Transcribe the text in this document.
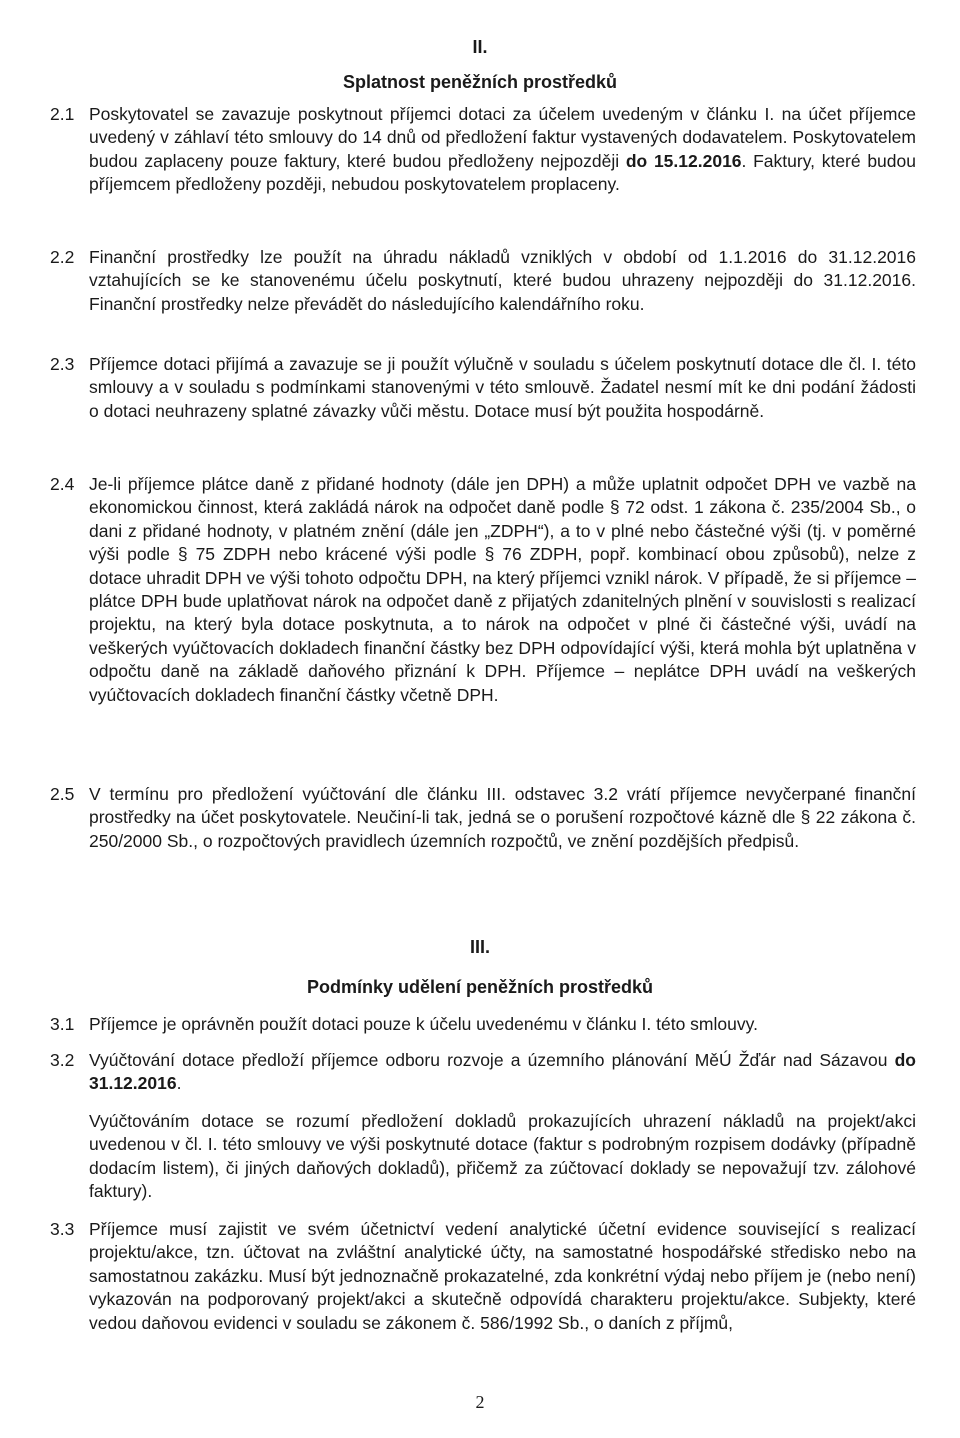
II.
Splatnost peněžních prostředků
2.1 Poskytovatel se zavazuje poskytnout příjemci dotaci za účelem uvedeným v článku I. na účet příjemce uvedený v záhlaví této smlouvy do 14 dnů od předložení faktur vystavených dodavatelem. Poskytovatelem budou zaplaceny pouze faktury, které budou předloženy nejpozději do 15.12.2016. Faktury, které budou příjemcem předloženy později, nebudou poskytovatelem proplaceny.

2.2 Finanční prostředky lze použít na úhradu nákladů vzniklých v období od 1.1.2016 do 31.12.2016 vztahujících se ke stanovenému účelu poskytnutí, které budou uhrazeny nejpozději do 31.12.2016. Finanční prostředky nelze převádět do následujícího kalendářního roku.

2.3 Příjemce dotaci přijímá a zavazuje se ji použít výlučně v souladu s účelem poskytnutí dotace dle čl. I. této smlouvy a v souladu s podmínkami stanovenými v této smlouvě. Žadatel nesmí mít ke dni podání žádosti o dotaci neuhrazeny splatné závazky vůči městu. Dotace musí být použita hospodárně.

2.4 Je-li příjemce plátce daně z přidané hodnoty (dále jen DPH) a může uplatnit odpočet DPH ve vazbě na ekonomickou činnost, která zakládá nárok na odpočet daně podle § 72 odst. 1 zákona č. 235/2004 Sb., o dani z přidané hodnoty, v platném znění (dále jen „ZDPH“), a to v plné nebo částečné výši (tj. v poměrné výši podle § 75 ZDPH nebo krácené výši podle § 76 ZDPH, popř. kombinací obou způsobů), nelze z dotace uhradit DPH ve výši tohoto odpočtu DPH, na který příjemci vznikl nárok. V případě, že si příjemce – plátce DPH bude uplatňovat nárok na odpočet daně z přijatých zdanitelných plnění v souvislosti s realizací projektu, na který byla dotace poskytnuta, a to nárok na odpočet v plné či částečné výši, uvádí na veškerých vyúčtovacích dokladech finanční částky bez DPH odpovídající výši, která mohla být uplatněna v odpočtu daně na základě daňového přiznání k DPH. Příjemce – neplátce DPH uvádí na veškerých vyúčtovacích dokladech finanční částky včetně DPH.

2.5 V termínu pro předložení vyúčtování dle článku III. odstavec 3.2 vrátí příjemce nevyčerpané finanční prostředky na účet poskytovatele. Neučiní-li tak, jedná se o porušení rozpočtové kázně dle § 22 zákona č. 250/2000 Sb., o rozpočtových pravidlech územních rozpočtů, ve znění pozdějších předpisů.

III.
Podmínky udělení peněžních prostředků
3.1 Příjemce je oprávněn použít dotaci pouze k účelu uvedenému v článku I. této smlouvy.

3.2 Vyúčtování dotace předloží příjemce odboru rozvoje a územního plánování MěÚ Žďár nad Sázavou do 31.12.2016.

Vyúčtováním dotace se rozumí předložení dokladů prokazujících uhrazení nákladů na projekt/akci uvedenou v čl. I. této smlouvy ve výši poskytnuté dotace (faktur s podrobným rozpisem dodávky (případně dodacím listem), či jiných daňových dokladů), přičemž za zúčtovací doklady se nepovažují tzv. zálohové faktury).

3.3 Příjemce musí zajistit ve svém účetnictví vedení analytické účetní evidence související s realizací projektu/akce, tzn. účtovat na zvláštní analytické účty, na samostatné hospodářské středisko nebo na samostatnou zakázku. Musí být jednoznačně prokazatelné, zda konkrétní výdaj nebo příjem je (nebo není) vykazován na podporovaný projekt/akci a skutečně odpovídá charakteru projektu/akce. Subjekty, které vedou daňovou evidenci v souladu se zákonem č. 586/1992 Sb., o daních z příjmů,

2
